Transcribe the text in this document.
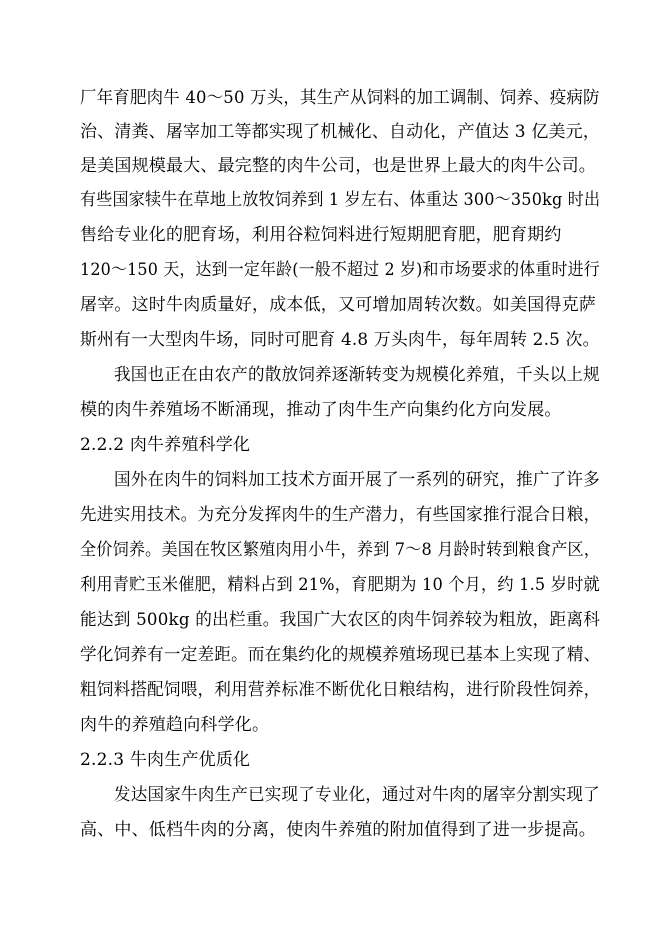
厂年育肥肉牛 40～50 万头，其生产从饲料的加工调制、饲养、疫病防
治、清粪、屠宰加工等都实现了机械化、自动化，产值达 3 亿美元，
是美国规模最大、最完整的肉牛公司，也是世界上最大的肉牛公司。
有些国家犊牛在草地上放牧饲养到 1 岁左右、体重达 300～350kg 时出
售给专业化的肥育场，利用谷粒饲料进行短期肥育肥，肥育期约
120～150 天，达到一定年龄(一般不超过 2 岁)和市场要求的体重时进行
屠宰。这时牛肉质量好，成本低，又可增加周转次数。如美国得克萨
斯州有一大型肉牛场，同时可肥育 4.8 万头肉牛，每年周转 2.5 次。
我国也正在由农产的散放饲养逐渐转变为规模化养殖，千头以上规
模的肉牛养殖场不断涌现，推动了肉牛生产向集约化方向发展。
2.2.2 肉牛养殖科学化
国外在肉牛的饲料加工技术方面开展了一系列的研究，推广了许多
先进实用技术。为充分发挥肉牛的生产潜力，有些国家推行混合日粮，
全价饲养。美国在牧区繁殖肉用小牛，养到 7～8 月龄时转到粮食产区，
利用青贮玉米催肥，精料占到 21%，育肥期为 10 个月，约 1.5 岁时就
能达到 500kg 的出栏重。我国广大农区的肉牛饲养较为粗放，距离科
学化饲养有一定差距。而在集约化的规模养殖场现已基本上实现了精、
粗饲料搭配饲喂，利用营养标准不断优化日粮结构，进行阶段性饲养，
肉牛的养殖趋向科学化。
2.2.3 牛肉生产优质化
发达国家牛肉生产已实现了专业化，通过对牛肉的屠宰分割实现了
高、中、低档牛肉的分离，使肉牛养殖的附加值得到了进一步提高。
